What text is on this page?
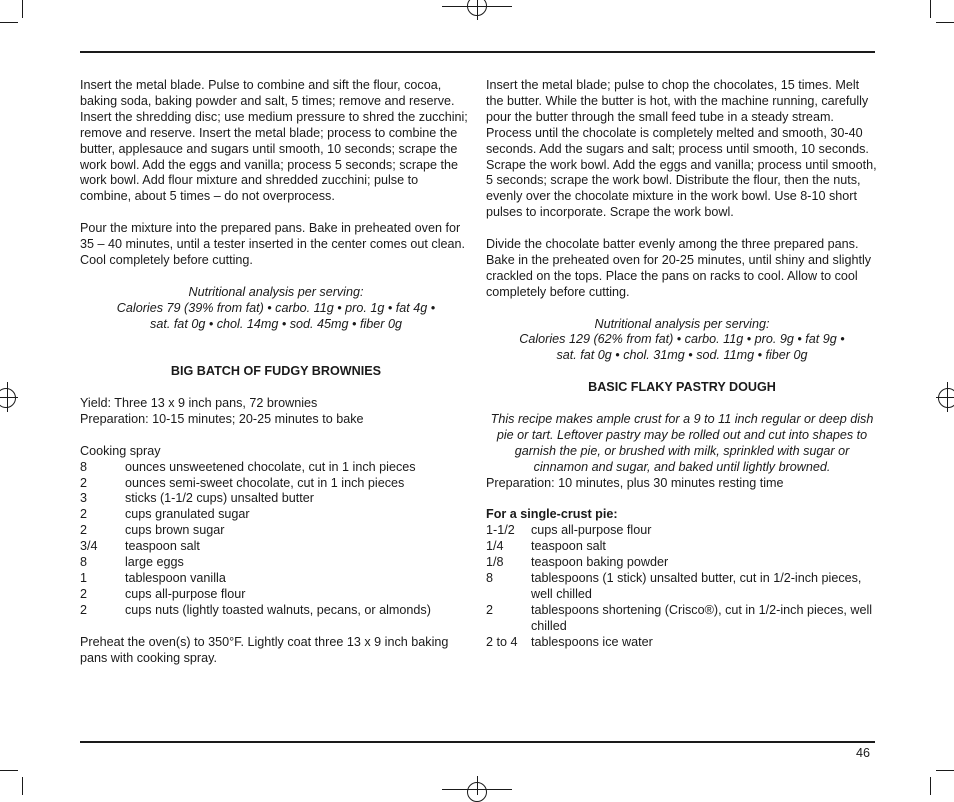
Insert the metal blade. Pulse to combine and sift the flour, cocoa, baking soda, baking powder and salt, 5 times; remove and reserve. Insert the shredding disc; use medium pressure to shred the zucchini; remove and reserve. Insert the metal blade; process to combine the butter, applesauce and sugars until smooth, 10 seconds; scrape the work bowl. Add the eggs and vanilla; process 5 seconds; scrape the work bowl. Add flour mixture and shredded zucchini; pulse to combine, about 5 times – do not overprocess.

Pour the mixture into the prepared pans. Bake in preheated oven for 35 – 40 minutes, until a tester inserted in the center comes out clean. Cool completely before cutting.

Nutritional analysis per serving:

Calories 79 (39% from fat) • carbo. 11g • pro. 1g • fat 4g •

sat. fat 0g • chol. 14mg • sod. 45mg • fiber 0g

BIG BATCH OF FUDGY BROWNIES

Yield: Three 13 x 9 inch pans, 72 brownies

Preparation: 10-15 minutes; 20-25 minutes to bake

Cooking spray

8	ounces unsweetened chocolate, cut in 1 inch pieces
2	ounces semi-sweet chocolate, cut in 1 inch pieces
3	sticks (1-1/2 cups) unsalted butter
2	cups granulated sugar
2	cups brown sugar
3/4	teaspoon salt
8	large eggs
1	tablespoon vanilla
2	cups all-purpose flour
2	cups nuts (lightly toasted walnuts, pecans, or almonds)

Preheat the oven(s) to 350°F. Lightly coat three 13 x 9 inch baking pans with cooking spray.

Insert the metal blade; pulse to chop the chocolates, 15 times. Melt the butter. While the butter is hot, with the machine running, carefully pour the butter through the small feed tube in a steady stream. Process until the chocolate is completely melted and smooth, 30-40 seconds. Add the sugars and salt; process until smooth, 10 seconds. Scrape the work bowl. Add the eggs and vanilla; process until smooth, 5 seconds; scrape the work bowl. Distribute the flour, then the nuts, evenly over the chocolate mixture in the work bowl. Use 8-10 short pulses to incorporate. Scrape the work bowl.

Divide the chocolate batter evenly among the three prepared pans. Bake in the preheated oven for 20-25 minutes, until shiny and slightly crackled on the tops. Place the pans on racks to cool. Allow to cool completely before cutting.

Nutritional analysis per serving:

Calories 129 (62% from fat) • carbo. 11g • pro. 9g • fat 9g •

sat. fat 0g • chol. 31mg • sod. 11mg • fiber 0g

BASIC FLAKY PASTRY DOUGH

This recipe makes ample crust for a 9 to 11 inch regular or deep dish pie or tart. Leftover pastry may be rolled out and cut into shapes to garnish the pie, or brushed with milk, sprinkled with sugar or cinnamon and sugar, and baked until lightly browned.

Preparation: 10 minutes, plus 30 minutes resting time

For a single-crust pie:

1-1/2	cups all-purpose flour
1/4	teaspoon salt
1/8	teaspoon baking powder
8	tablespoons (1 stick) unsalted butter, cut in 1/2-inch pieces, well chilled
2	tablespoons shortening (Crisco®), cut in 1/2-inch pieces, well chilled
2 to 4	tablespoons ice water
46
